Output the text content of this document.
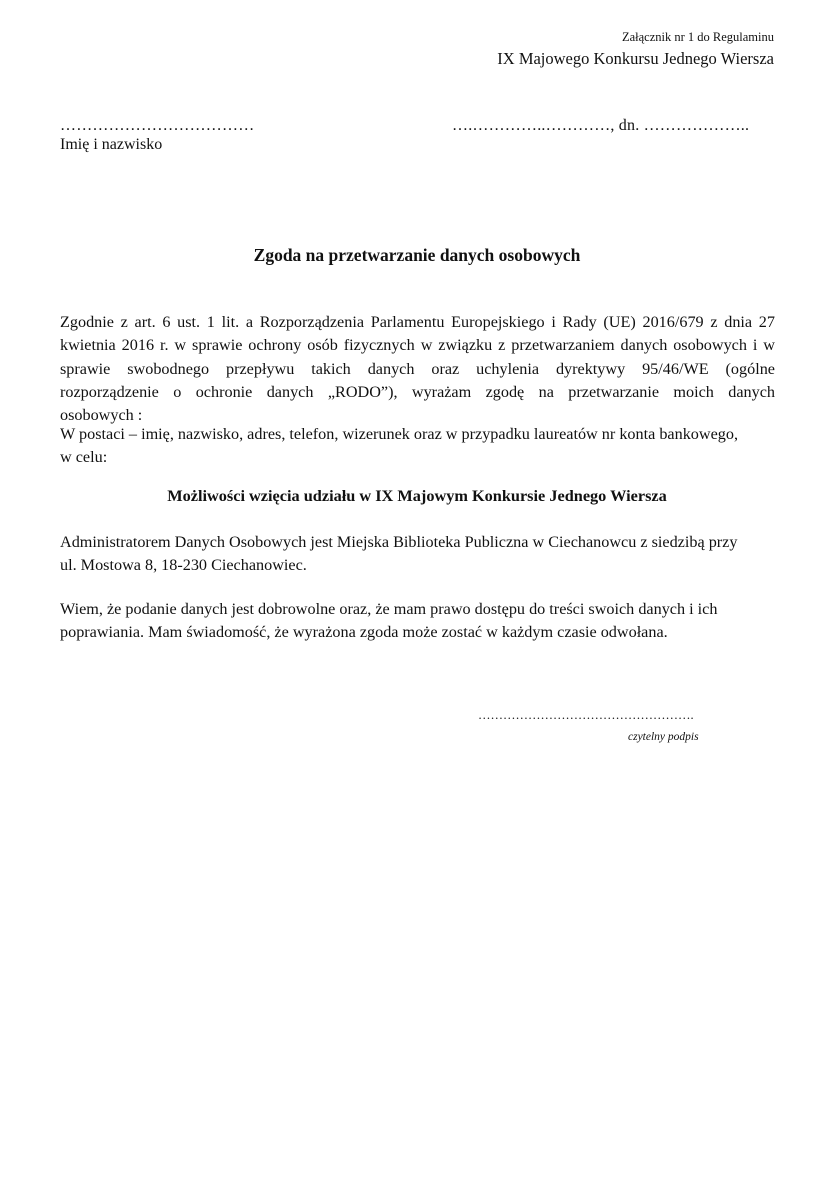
Załącznik nr 1 do Regulaminu
IX Majowego Konkursu Jednego Wiersza
………………………………	….…………..…………, dn. ………………..
Imię i nazwisko
Zgoda na przetwarzanie danych osobowych
Zgodnie z art. 6 ust. 1 lit. a Rozporządzenia Parlamentu Europejskiego i Rady (UE) 2016/679 z dnia 27
kwietnia 2016 r. w sprawie ochrony osób fizycznych w związku z przetwarzaniem danych osobowych i w
sprawie swobodnego przepływu takich danych oraz uchylenia dyrektywy 95/46/WE (ogólne
rozporządzenie o ochronie danych „RODO”), wyrażam zgodę na przetwarzanie moich danych
osobowych :
W postaci – imię, nazwisko, adres, telefon, wizerunek oraz w przypadku laureatów nr konta bankowego,
w celu:
Możliwości wzięcia udziału w IX Majowym Konkursie Jednego Wiersza
Administratorem Danych Osobowych jest Miejska Biblioteka Publiczna w Ciechanowcu z siedzibą przy
ul. Mostowa 8, 18-230 Ciechanowiec.
Wiem, że podanie danych jest dobrowolne oraz, że mam prawo dostępu do treści swoich danych i ich
poprawiania. Mam świadomość, że wyrażona zgoda może zostać w każdym czasie odwołana.
…………………………………………….
czytelny podpis
